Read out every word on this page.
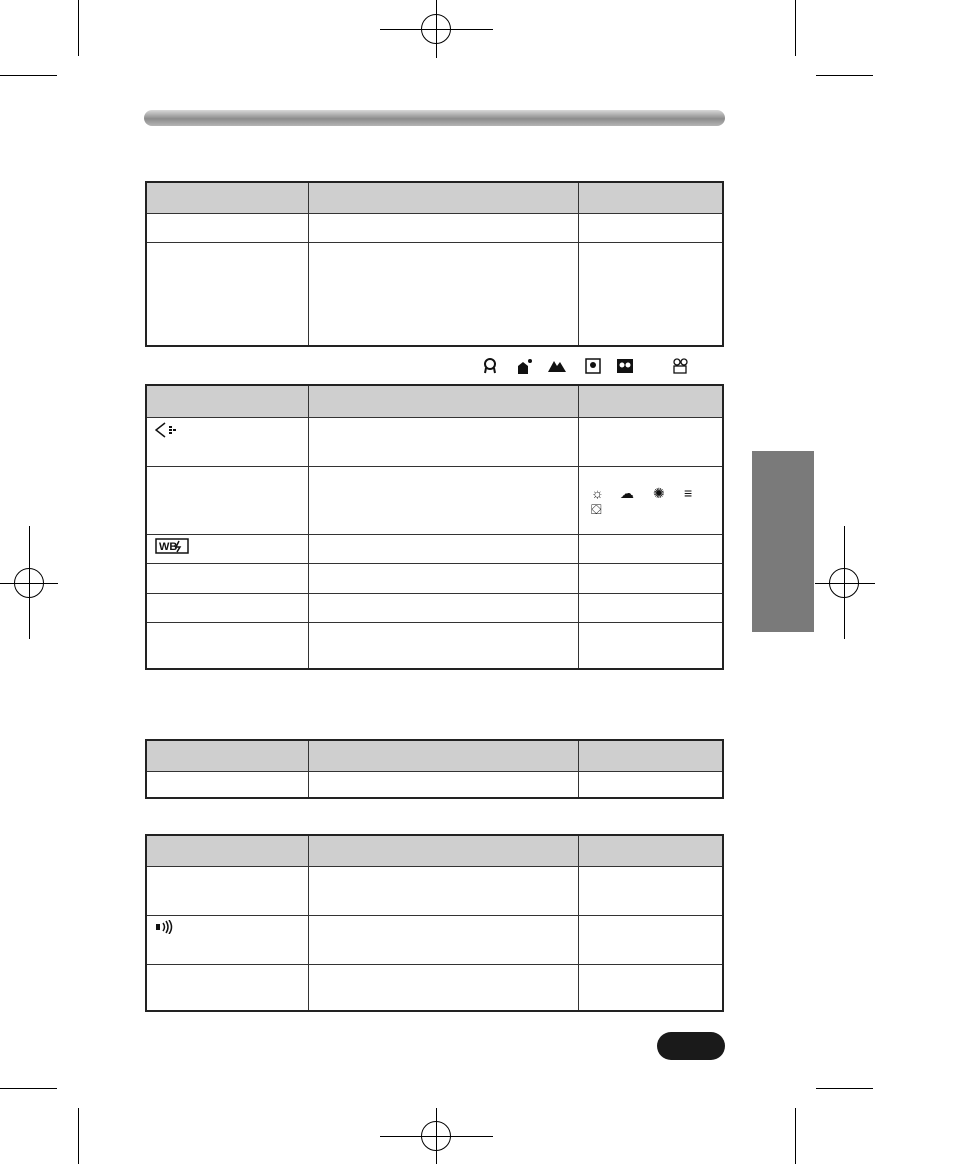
☼ ☁ ✺ ≡
⛋
WB
